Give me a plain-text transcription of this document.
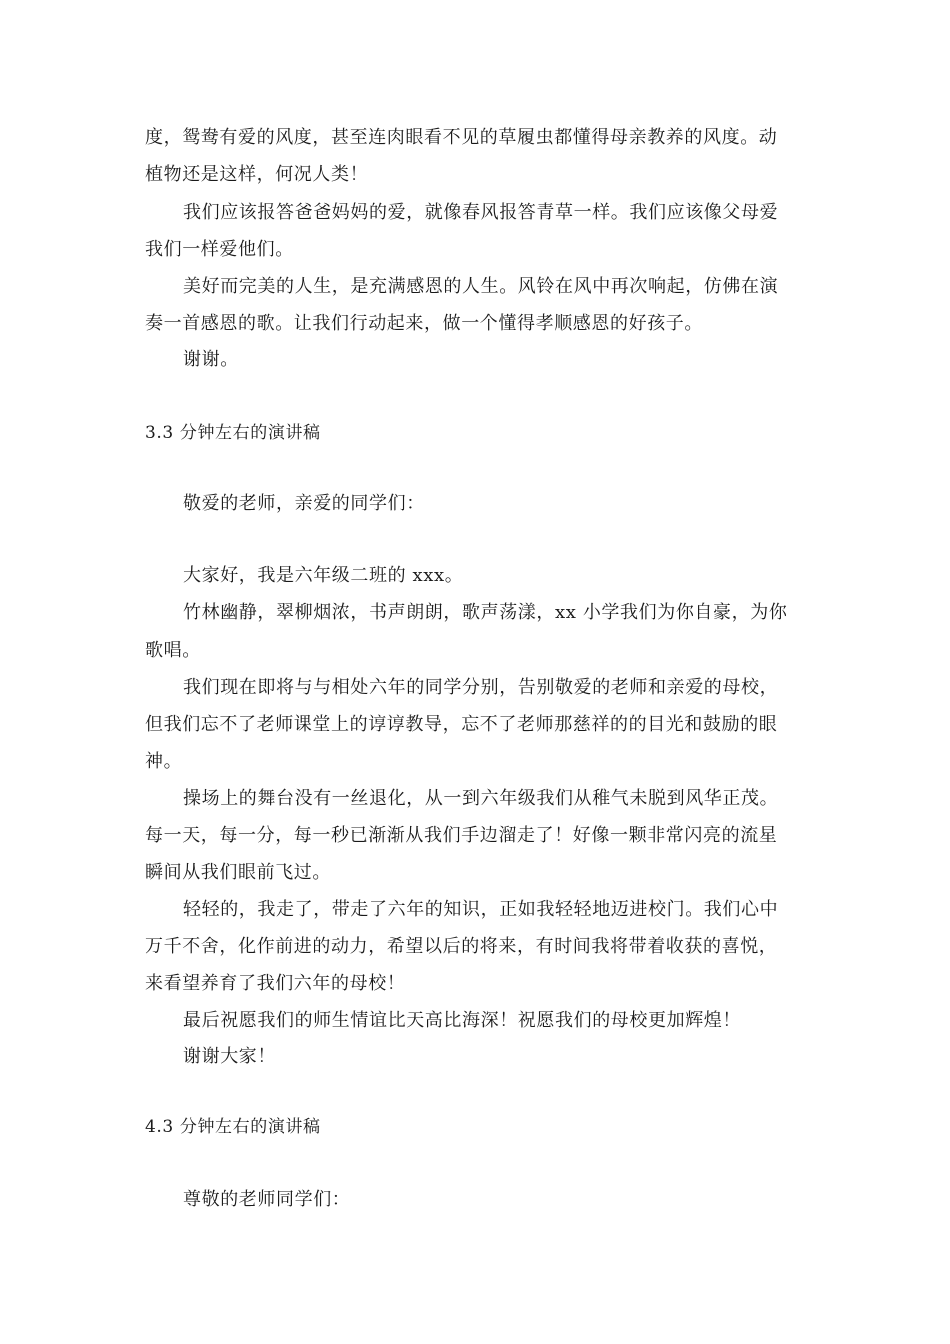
度，鸳鸯有爱的风度，甚至连肉眼看不见的草履虫都懂得母亲教养的风度。动
植物还是这样，何况人类！
我们应该报答爸爸妈妈的爱，就像春风报答青草一样。我们应该像父母爱
我们一样爱他们。
美好而完美的人生，是充满感恩的人生。风铃在风中再次响起，仿佛在演
奏一首感恩的歌。让我们行动起来，做一个懂得孝顺感恩的好孩子。
谢谢。
3.3 分钟左右的演讲稿
敬爱的老师，亲爱的同学们：
大家好，我是六年级二班的 xxx。
竹林幽静，翠柳烟浓，书声朗朗，歌声荡漾，xx 小学我们为你自豪，为你
歌唱。
我们现在即将与与相处六年的同学分别，告别敬爱的老师和亲爱的母校，
但我们忘不了老师课堂上的谆谆教导，忘不了老师那慈祥的的目光和鼓励的眼
神。
操场上的舞台没有一丝退化，从一到六年级我们从稚气未脱到风华正茂。
每一天，每一分，每一秒已渐渐从我们手边溜走了！好像一颗非常闪亮的流星
瞬间从我们眼前飞过。
轻轻的，我走了，带走了六年的知识，正如我轻轻地迈进校门。我们心中
万千不舍，化作前进的动力，希望以后的将来，有时间我将带着收获的喜悦，
来看望养育了我们六年的母校！
最后祝愿我们的师生情谊比天高比海深！祝愿我们的母校更加辉煌！
谢谢大家！
4.3 分钟左右的演讲稿
尊敬的老师同学们：
